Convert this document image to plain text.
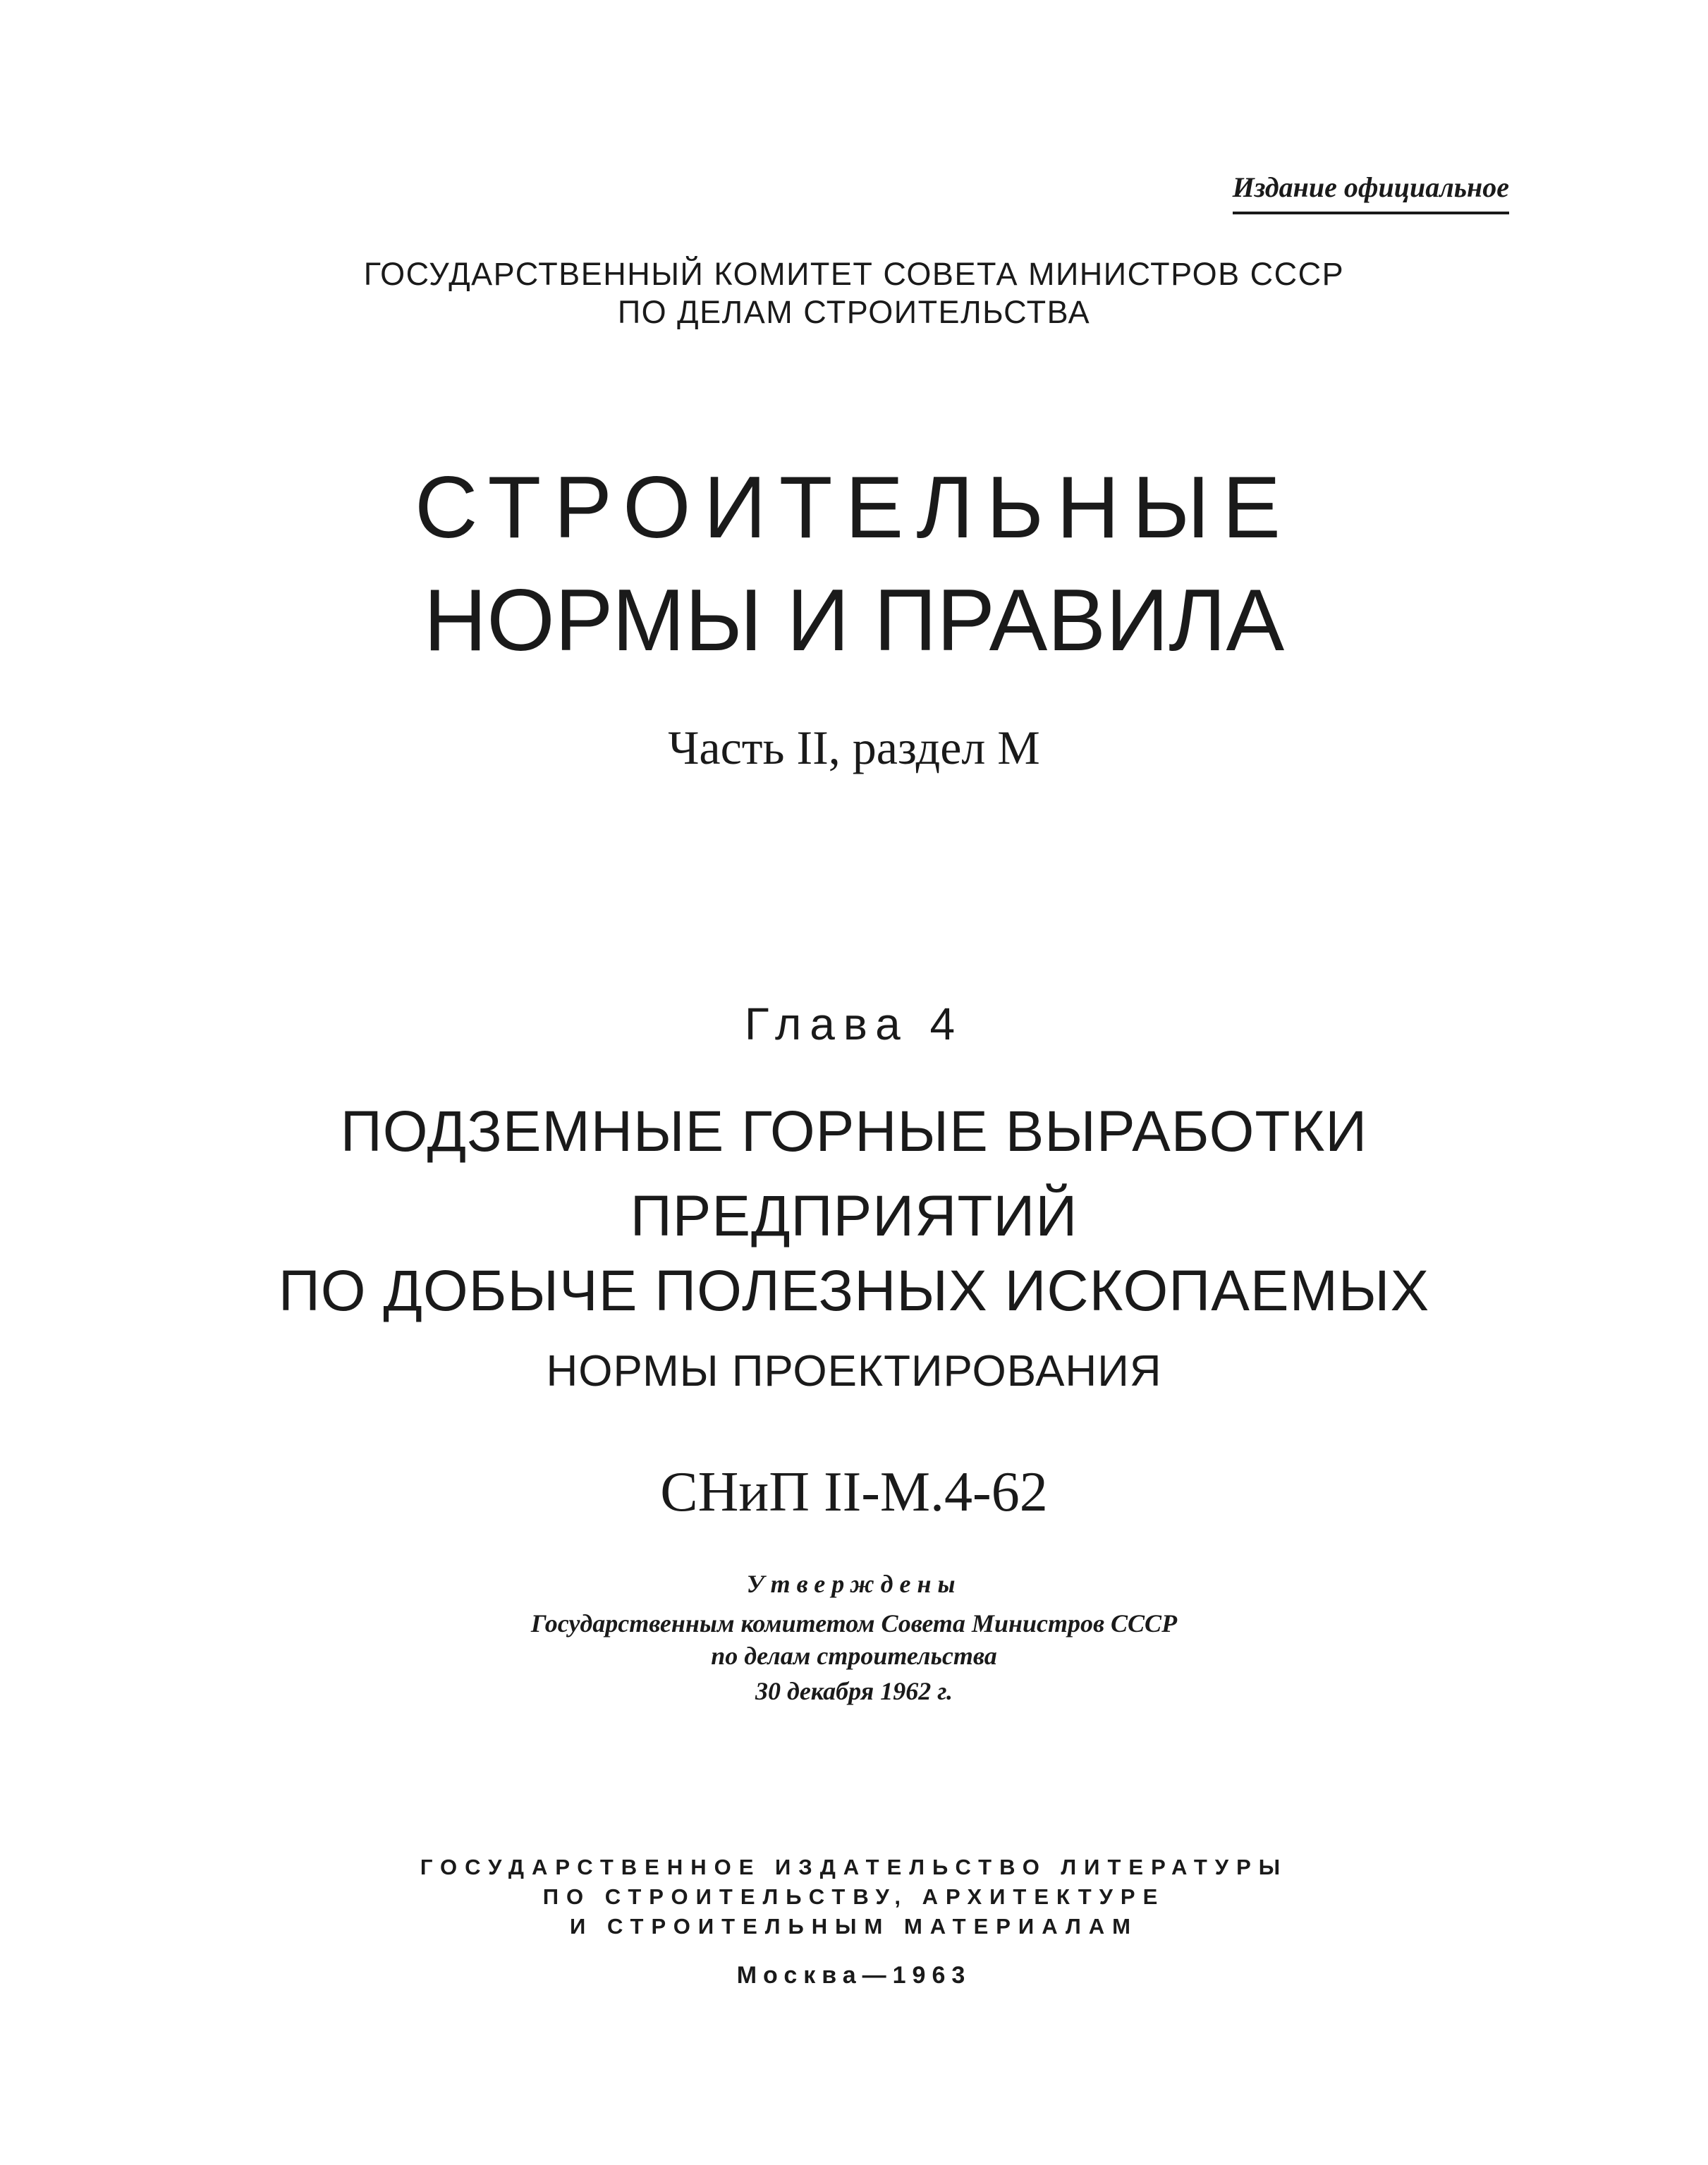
Издание официальное
ГОСУДАРСТВЕННЫЙ КОМИТЕТ СОВЕТА МИНИСТРОВ СССР
ПО ДЕЛАМ СТРОИТЕЛЬСТВА
СТРОИТЕЛЬНЫЕ
НОРМЫ И ПРАВИЛА
Часть II, раздел М
Глава 4
ПОДЗЕМНЫЕ ГОРНЫЕ ВЫРАБОТКИ
ПРЕДПРИЯТИЙ
ПО ДОБЫЧЕ ПОЛЕЗНЫХ ИСКОПАЕМЫХ
НОРМЫ ПРОЕКТИРОВАНИЯ
СНиП II-М.4-62
Утверждены
Государственным комитетом Совета Министров СССР
по делам строительства
30 декабря 1962 г.
ГОСУДАРСТВЕННОЕ ИЗДАТЕЛЬСТВО ЛИТЕРАТУРЫ
ПО СТРОИТЕЛЬСТВУ, АРХИТЕКТУРЕ
И СТРОИТЕЛЬНЫМ МАТЕРИАЛАМ
Москва—1963
